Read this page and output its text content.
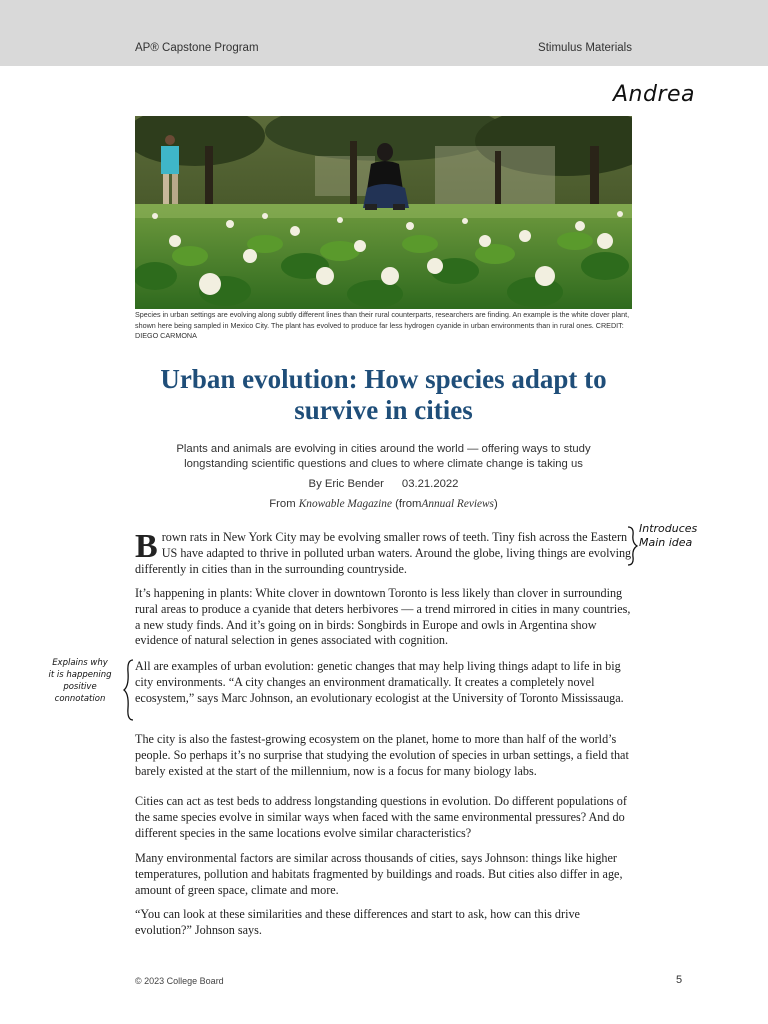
AP® Capstone Program	Stimulus Materials
Andrea
Species in urban settings are evolving along subtly different lines than their rural counterparts, researchers are finding. An example is the white clover plant, shown here being sampled in Mexico City. The plant has evolved to produce far less hydrogen cyanide in urban environments than in rural ones. CREDIT: DIEGO CARMONA
Urban evolution: How species adapt to survive in cities
Plants and animals are evolving in cities around the world — offering ways to study longstanding scientific questions and clues to where climate change is taking us
By Eric Bender 03.21.2022
From Knowable Magazine (fromAnnual Reviews)
Brown rats in New York City may be evolving smaller rows of teeth. Tiny fish across the Eastern US have adapted to thrive in polluted urban waters. Around the globe, living things are evolving differently in cities than in the surrounding countryside.
It’s happening in plants: White clover in downtown Toronto is less likely than clover in surrounding rural areas to produce a cyanide that deters herbivores — a trend mirrored in cities in many countries, a new study finds. And it’s going on in birds: Songbirds in Europe and owls in Argentina show evidence of natural selection in genes associated with cognition.
All are examples of urban evolution: genetic changes that may help living things adapt to life in big city environments. “A city changes an environment dramatically. It creates a completely novel ecosystem,” says Marc Johnson, an evolutionary ecologist at the University of Toronto Mississauga.
The city is also the fastest-growing ecosystem on the planet, home to more than half of the world’s people. So perhaps it’s no surprise that studying the evolution of species in urban settings, a field that barely existed at the start of the millennium, now is a focus for many biology labs.
Cities can act as test beds to address longstanding questions in evolution. Do different populations of the same species evolve in similar ways when faced with the same environmental pressures? And do different species in the same locations evolve similar characteristics?
Many environmental factors are similar across thousands of cities, says Johnson: things like higher temperatures, pollution and habitats fragmented by buildings and roads. But cities also differ in age, amount of green space, climate and more.
“You can look at these similarities and these differences and start to ask, how can this drive evolution?” Johnson says.
Introduces
Main idea
Explains why
it is happening
positive connotation
© 2023 College Board	5
